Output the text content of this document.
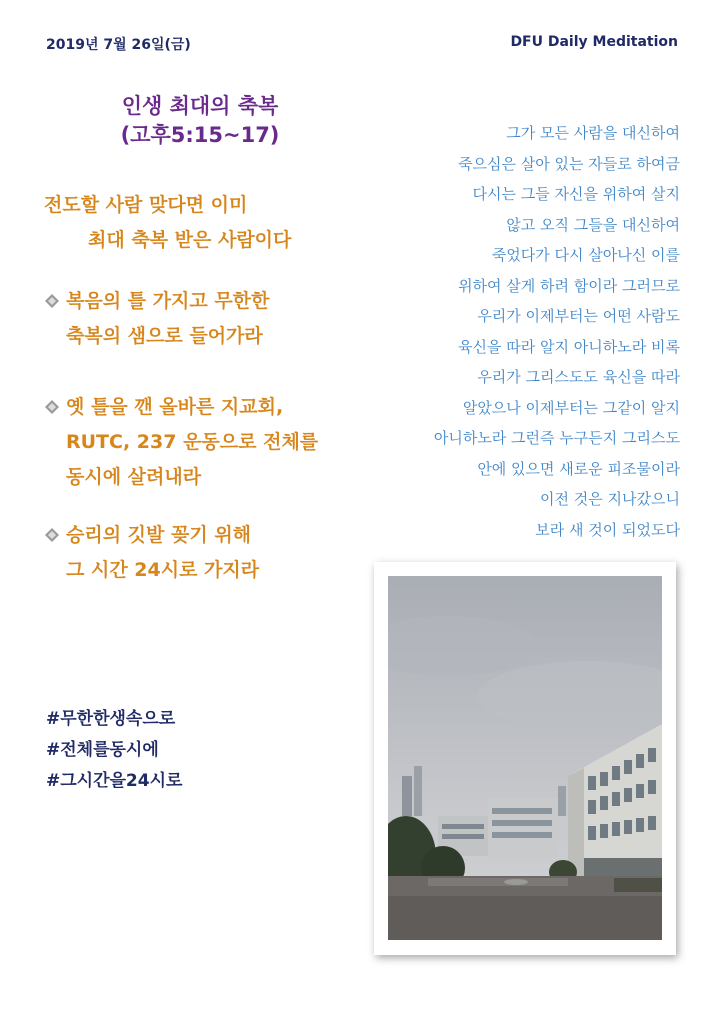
2019년 7월 26일(금)	DFU Daily Meditation
인생 최대의 축복
(고후5:15~17)
전도할 사람 맞다면 이미
최대 축복 받은 사람이다
복음의 틀 가지고 무한한
축복의 샘으로 들어가라
옛 틀을 깬 올바른 지교회,
RUTC, 237 운동으로 전체를
동시에 살려내라
승리의 깃발 꽂기 위해
그 시간 24시로 가지라
#무한한생속으로
#전체를동시에
#그시간을24시로
그가 모든 사람을 대신하여
죽으심은 살아 있는 자들로 하여금
다시는 그들 자신을 위하여 살지
않고 오직 그들을 대신하여
죽었다가 다시 살아나신 이를
위하여 살게 하려 함이라 그러므로
우리가 이제부터는 어떤 사람도
육신을 따라 알지 아니하노라 비록
우리가 그리스도도 육신을 따라
알았으나 이제부터는 그같이 알지
아니하노라 그런즉 누구든지 그리스도
안에 있으면 새로운 피조물이라
이전 것은 지나갔으니
보라 새 것이 되었도다
